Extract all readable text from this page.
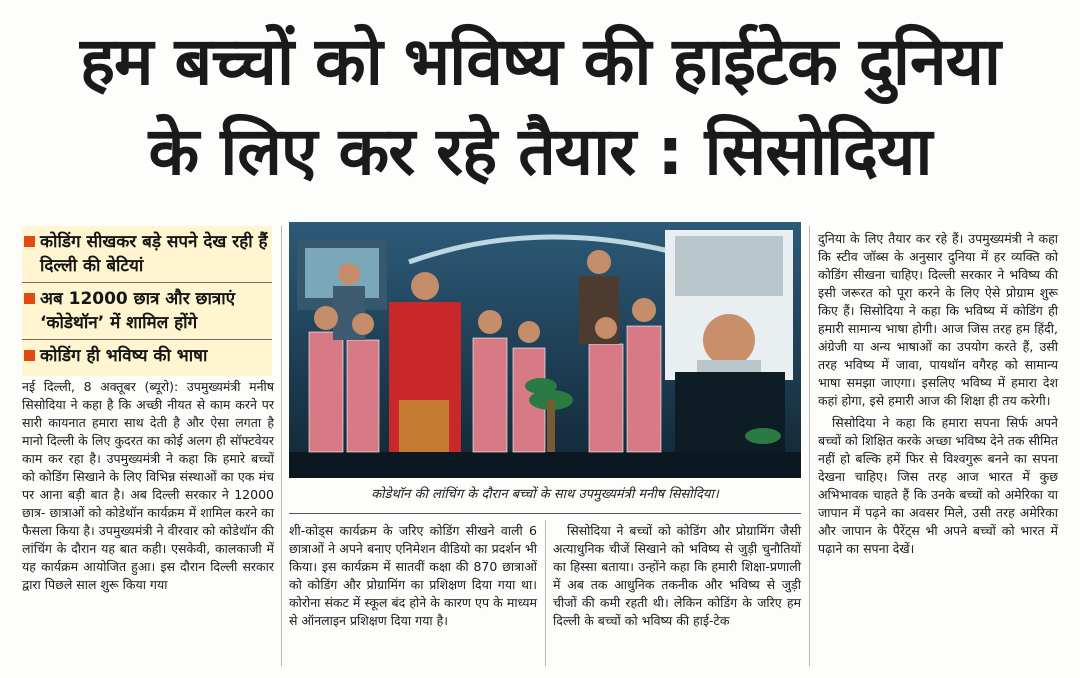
हम बच्चों को भविष्य की हाईटेक दुनिया
के लिए कर रहे तैयार : सिसोदिया
कोडिंग सीखकर बड़े सपने देख रही हैं दिल्ली की बेटियां
अब 12000 छात्र और छात्राएं ‘कोडेथॉन’ में शामिल होंगे
कोडिंग ही भविष्य की भाषा
कोडेथॉन की लांचिंग के दौरान बच्चों के साथ उपमुख्यमंत्री मनीष सिसोदिया।

नई दिल्ली, 8 अक्तूबर (ब्यूरो): उपमुख्यमंत्री मनीष सिसोदिया ने कहा है कि अच्छी नीयत से काम करने पर सारी कायनात हमारा साथ देती है और ऐसा लगता है मानो दिल्ली के लिए कुदरत का कोई अलग ही सॉफ्टवेयर काम कर रहा है। उपमुख्यमंत्री ने कहा कि हमारे बच्चों को कोडिंग सिखाने के लिए विभिन्न संस्थाओं का एक मंच पर आना बड़ी बात है। अब दिल्ली सरकार ने 12000 छात्र- छात्राओं को कोडेथॉन कार्यक्रम में शामिल करने का फैसला किया है। उपमुख्यमंत्री ने वीरवार को कोडेथॉन की लांचिंग के दौरान यह बात कही। एसकेवी, कालकाजी में यह कार्यक्रम आयोजित हुआ। इस दौरान दिल्ली सरकार द्वारा पिछले साल शुरू किया गया

शी-कोड्स कार्यक्रम के जरिए कोडिंग सीखने वाली 6 छात्राओं ने अपने बनाए एनिमेशन वीडियो का प्रदर्शन भी किया। इस कार्यक्रम में सातवीं कक्षा की 870 छात्राओं को कोडिंग और प्रोग्रामिंग का प्रशिक्षण दिया गया था। कोरोना संकट में स्कूल बंद होने के कारण एप के माध्यम से ऑनलाइन प्रशिक्षण दिया गया है।

सिसोदिया ने बच्चों को कोडिंग और प्रोग्रामिंग जैसी अत्याधुनिक चीजें सिखाने को भविष्य से जुड़ी चुनौतियों का हिस्सा बताया। उन्होंने कहा कि हमारी शिक्षा-प्रणाली में अब तक आधुनिक तकनीक और भविष्य से जुड़ी चीजों की कमी रहती थी। लेकिन कोडिंग के जरिए हम दिल्ली के बच्चों को भविष्य की हाई-टेक

दुनिया के लिए तैयार कर रहे हैं। उपमुख्यमंत्री ने कहा कि स्टीव जॉब्स के अनुसार दुनिया में हर व्यक्ति को कोडिंग सीखना चाहिए। दिल्ली सरकार ने भविष्य की इसी जरूरत को पूरा करने के लिए ऐसे प्रोग्राम शुरू किए हैं। सिसोदिया ने कहा कि भविष्य में कोडिंग ही हमारी सामान्य भाषा होगी। आज जिस तरह हम हिंदी, अंग्रेजी या अन्य भाषाओं का उपयोग करते हैं, उसी तरह भविष्य में जावा, पायथॉन वगैरह को सामान्य भाषा समझा जाएगा। इसलिए भविष्य में हमारा देश कहां होगा, इसे हमारी आज की शिक्षा ही तय करेगी।

सिसोदिया ने कहा कि हमारा सपना सिर्फ अपने बच्चों को शिक्षित करके अच्छा भविष्य देने तक सीमित नहीं हो बल्कि हमें फिर से विश्वगुरू बनने का सपना देखना चाहिए। जिस तरह आज भारत में कुछ अभिभावक चाहते हैं कि उनके बच्चों को अमेरिका या जापान में पढ़ने का अवसर मिले, उसी तरह अमेरिका और जापान के पैरेंट्स भी अपने बच्चों को भारत में पढ़ाने का सपना देखें।
